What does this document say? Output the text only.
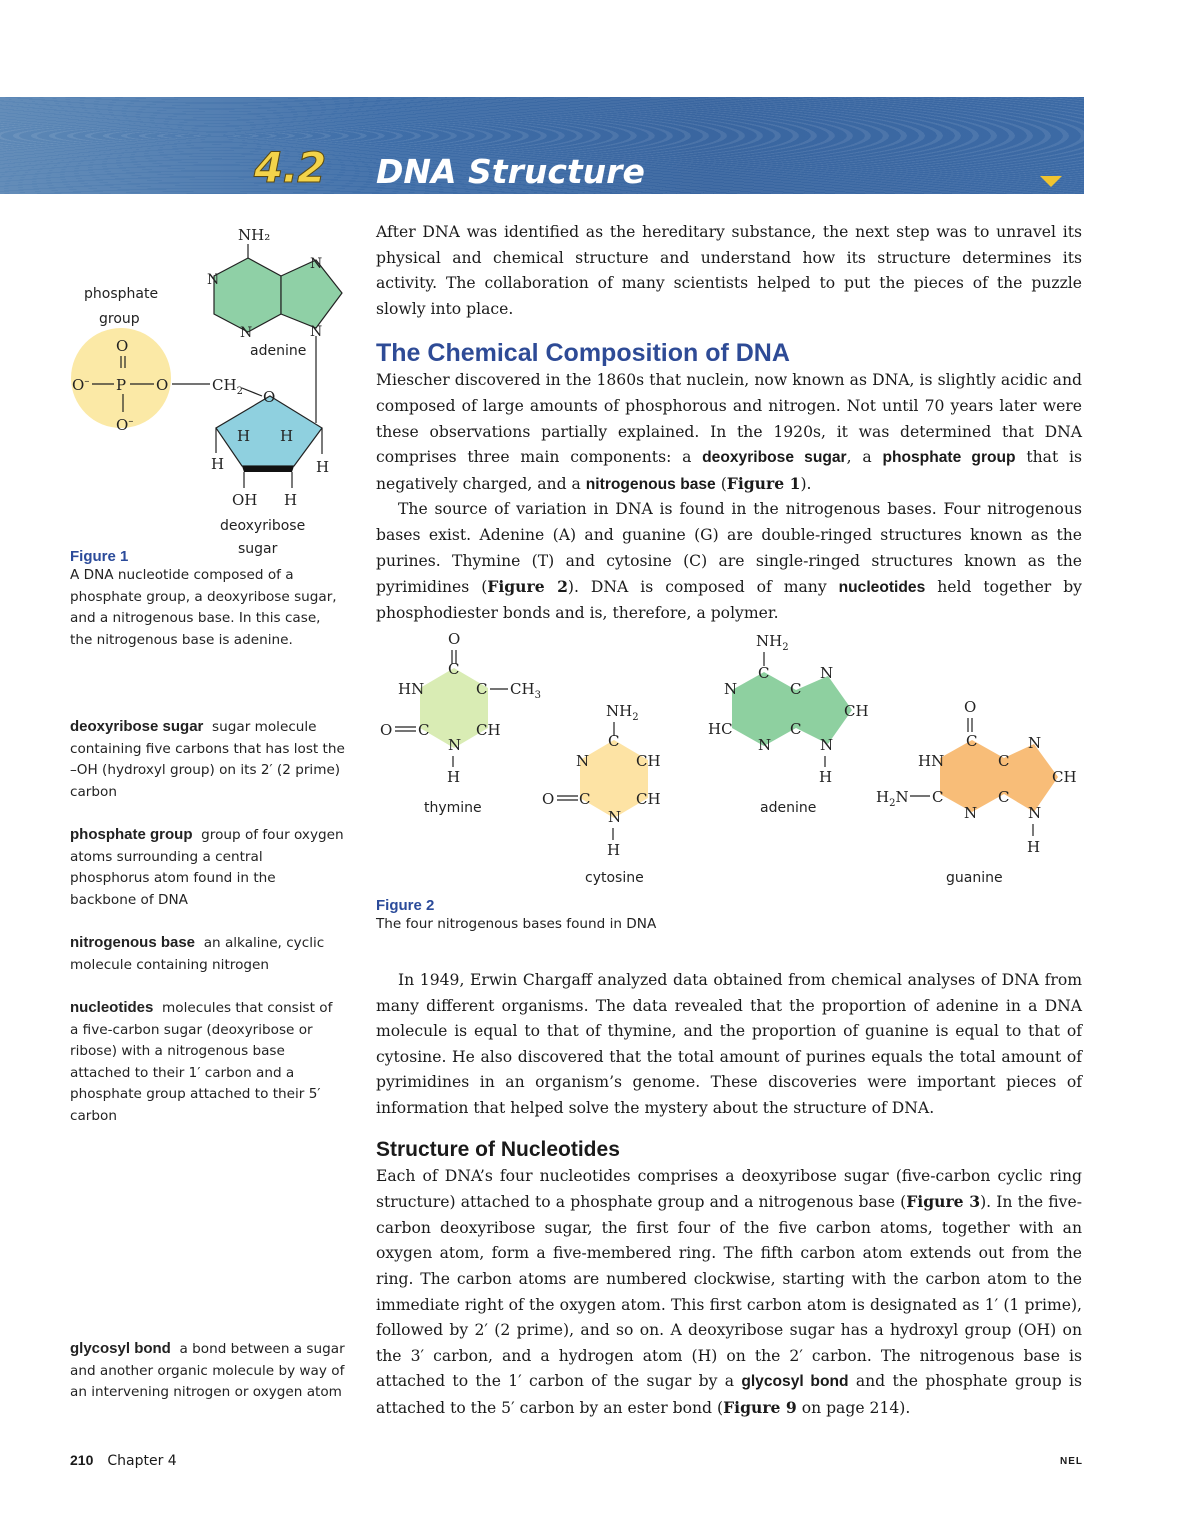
4.2 DNA Structure
phosphate
group
O
O– P O
O–
$CH_2$ O
H H
H	H
OH H
deoxyribose
sugar
NH₂
N
N
N
N
adenine
Figure 1
A DNA nucleotide composed of a phosphate group, a deoxyribose sugar, and a nitrogenous base. In this case, the nitrogenous base is adenine.
deoxyribose sugar sugar molecule containing five carbons that has lost the –OH (hydroxyl group) on its 2′ (2 prime) carbon
phosphate group group of four oxygen atoms surrounding a central phosphorus atom found in the backbone of DNA
nitrogenous base an alkaline, cyclic molecule containing nitrogen
nucleotides molecules that consist of a five-carbon sugar (deoxyribose or ribose) with a nitrogenous base attached to their 1′ carbon and a phosphate group attached to their 5′ carbon
glycosyl bond a bond between a sugar and another organic molecule by way of an intervening nitrogen or oxygen atom

After DNA was identified as the hereditary substance, the next step was to unravel its physical and chemical structure and understand how its structure determines its activity. The collaboration of many scientists helped to put the pieces of the puzzle slowly into place.

The Chemical Composition of DNA

Miescher discovered in the 1860s that nuclein, now known as DNA, is slightly acidic and composed of large amounts of phosphorous and nitrogen. Not until 70 years later were these observations partially explained. In the 1920s, it was determined that DNA comprises three main components: a deoxyribose sugar, a phosphate group that is negatively charged, and a nitrogenous base (Figure 1).

The source of variation in DNA is found in the nitrogenous bases. Four nitrogenous bases exist. Adenine (A) and guanine (G) are double-ringed structures known as the purines. Thymine (T) and cytosine (C) are single-ringed structures known as the pyrimidines (Figure 2). DNA is composed of many nucleotides held together by phosphodiester bonds and is, therefore, a polymer.

O
C
HN	C $CH_3$
O C	CH
N
H
thymine
$NH_2$
C
N	CH
O C	CH
N
H
cytosine
$NH_2$
C
N	C
N
CH
HC	C
N	N
H
adenine
O
C
HN	C
N
CH
$H_2N$ C	C
N	N
H
guanine
Figure 2
The four nitrogenous bases found in DNA

In 1949, Erwin Chargaff analyzed data obtained from chemical analyses of DNA from many different organisms. The data revealed that the proportion of adenine in a DNA molecule is equal to that of thymine, and the proportion of guanine is equal to that of cytosine. He also discovered that the total amount of purines equals the total amount of pyrimidines in an organism’s genome. These discoveries were important pieces of information that helped solve the mystery about the structure of DNA.

Structure of Nucleotides

Each of DNA’s four nucleotides comprises a deoxyribose sugar (five-carbon cyclic ring structure) attached to a phosphate group and a nitrogenous base (Figure 3). In the five-carbon deoxyribose sugar, the first four of the five carbon atoms, together with an oxygen atom, form a five-membered ring. The fifth carbon atom extends out from the ring. The carbon atoms are numbered clockwise, starting with the carbon atom to the immediate right of the oxygen atom. This first carbon atom is designated as 1′ (1 prime), followed by 2′ (2 prime), and so on. A deoxyribose sugar has a hydroxyl group (OH) on the 3′ carbon, and a hydrogen atom (H) on the 2′ carbon. The nitrogenous base is attached to the 1′ carbon of the sugar by a glycosyl bond and the phosphate group is attached to the 5′ carbon by an ester bond (Figure 9 on page 214).

210 Chapter 4	NEL
